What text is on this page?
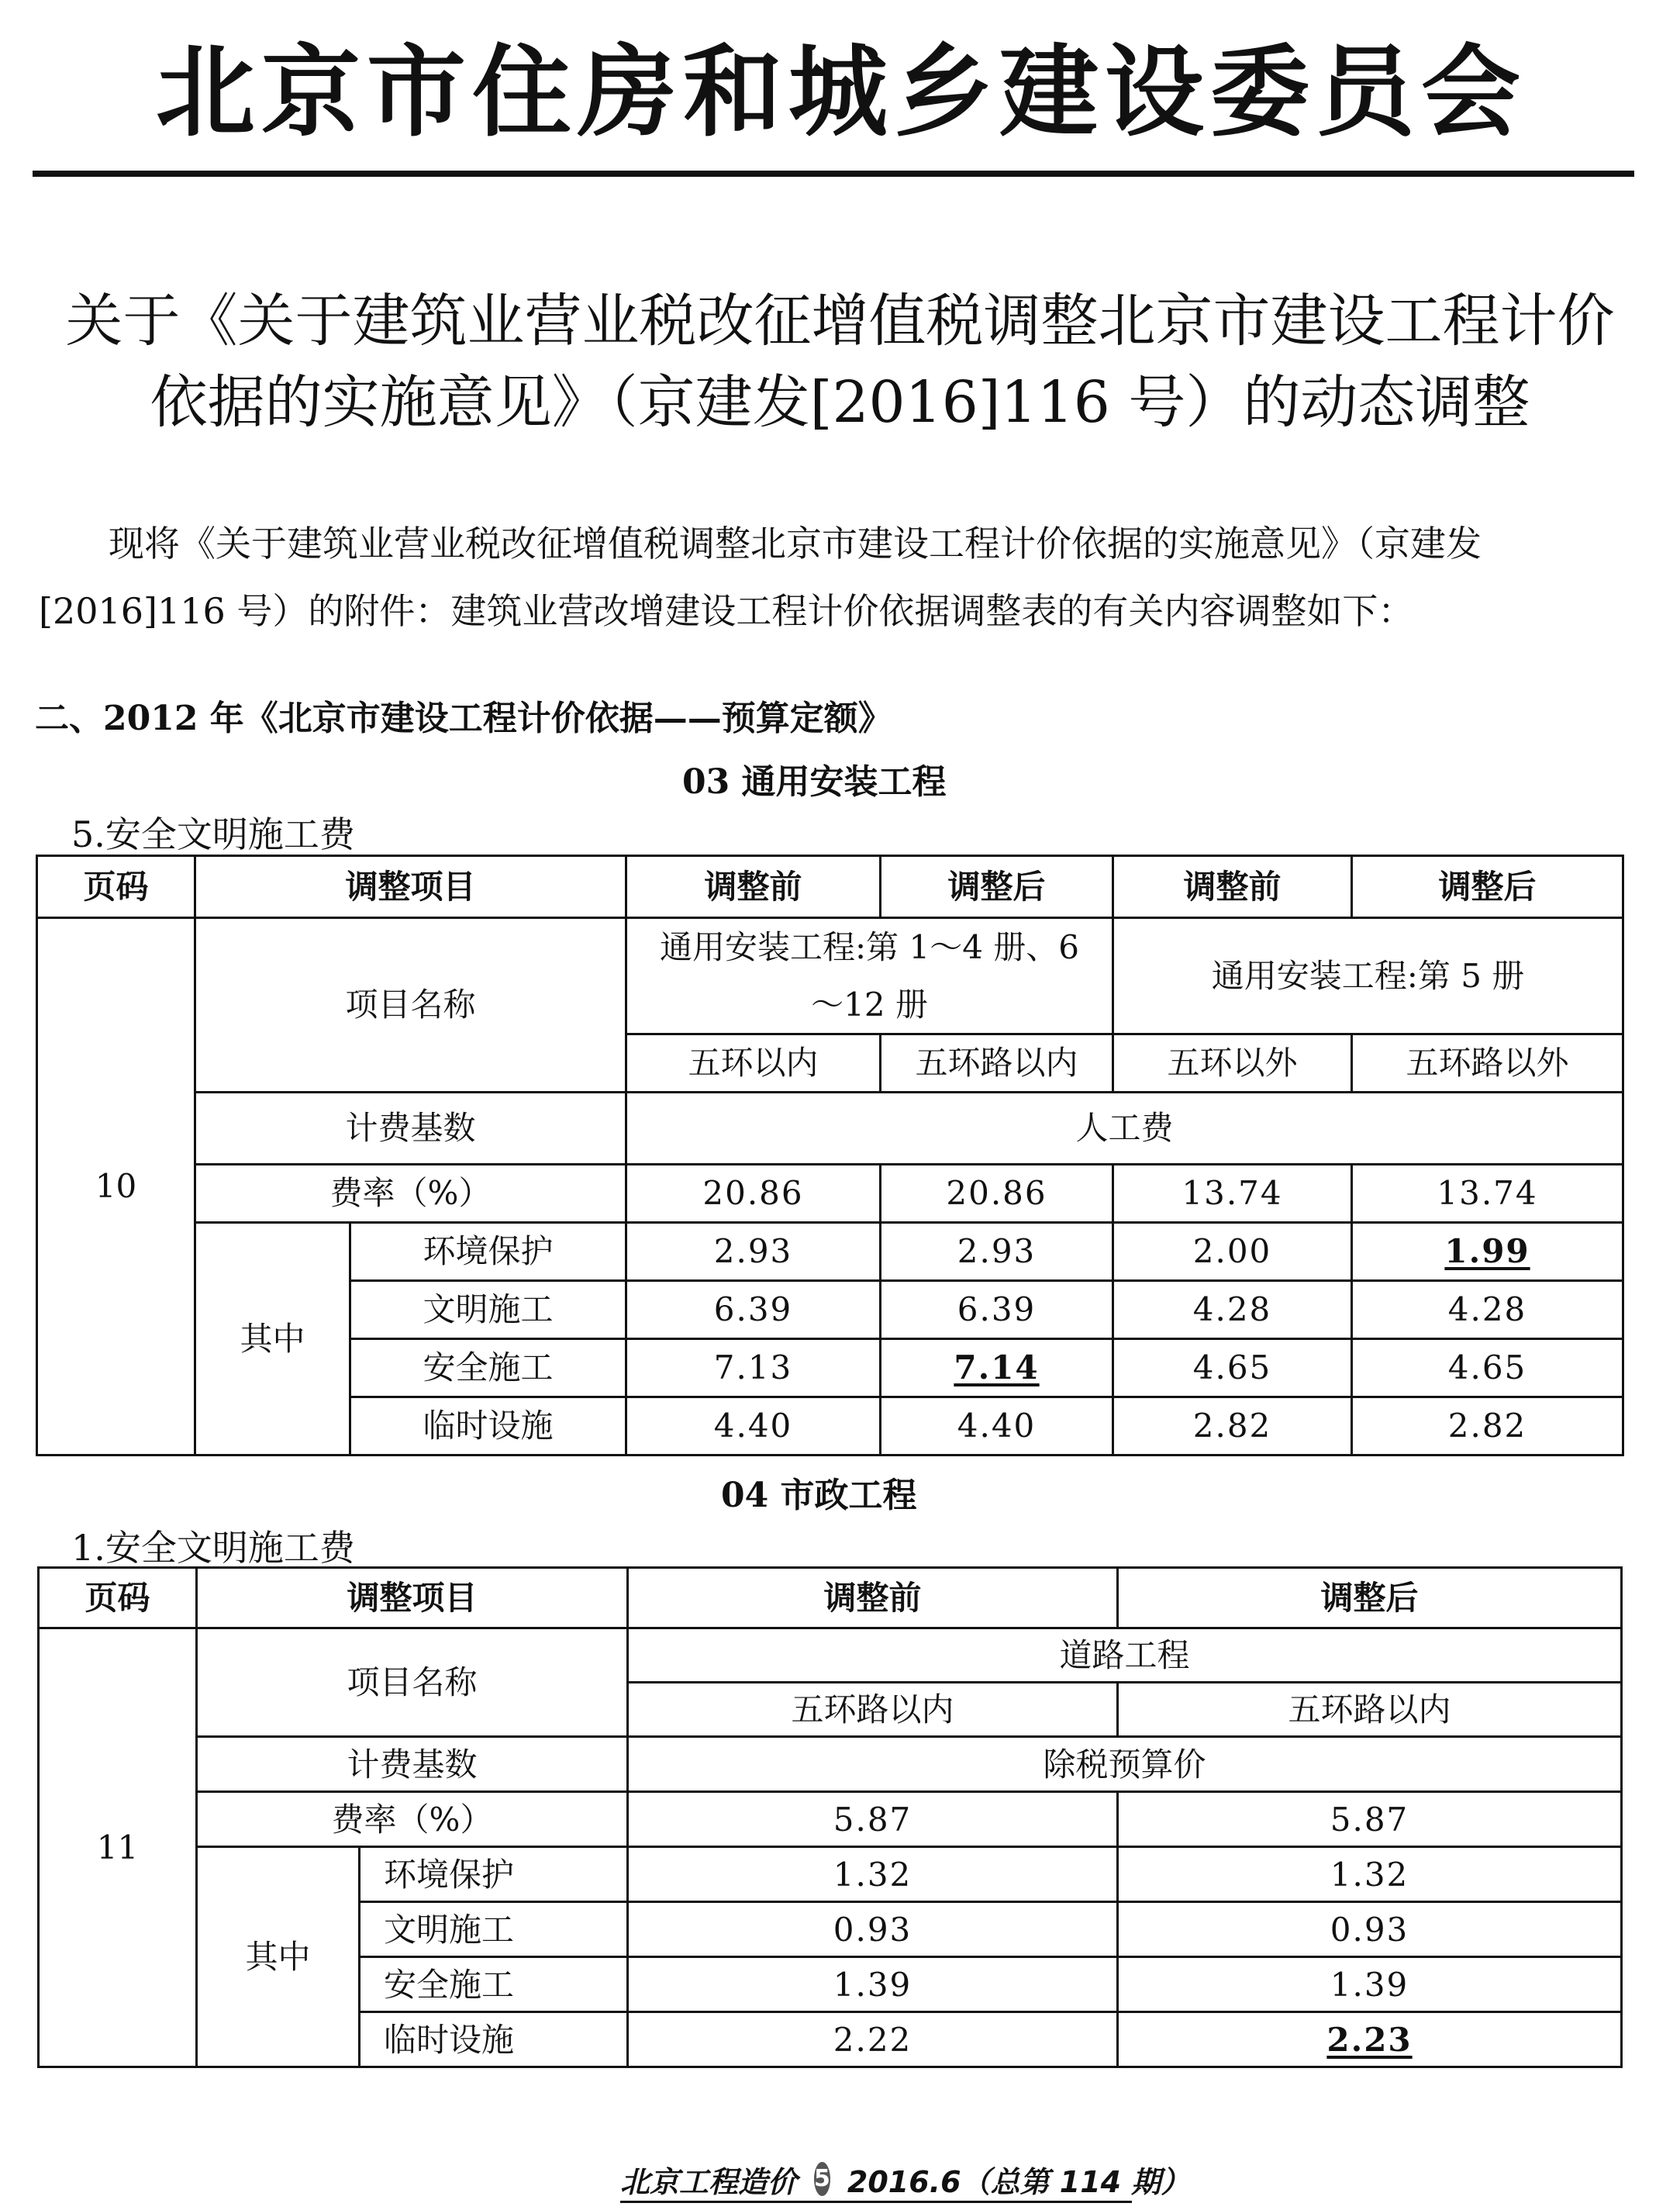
北京市住房和城乡建设委员会
关于《关于建筑业营业税改征增值税调整北京市建设工程计价
依据的实施意见》（京建发[2016]116 号）的动态调整
现将《关于建筑业营业税改征增值税调整北京市建设工程计价依据的实施意见》（京建发
[2016]116 号）的附件：建筑业营改增建设工程计价依据调整表的有关内容调整如下：
二、2012 年《北京市建设工程计价依据——预算定额》
03 通用安装工程
5.安全文明施工费
页码	调整项目		调整前	调整后	调整前	调整后
10	项目名称		通用安装工程:第 1～4 册、6～12 册		通用安装工程:第 5 册	
			五环以内	五环路以内	五环以外	五环路以外
	计费基数		人工费			
	费率（%）		20.86	20.86	13.74	13.74
	其中	环境保护	2.93	2.93	2.00	1.99
		文明施工	6.39	6.39	4.28	4.28
		安全施工	7.13	7.14	4.65	4.65
		临时设施	4.40	4.40	2.82	2.82
04 市政工程
1.安全文明施工费
页码	调整项目		调整前	调整后
11	项目名称		道路工程	
			五环路以内	五环路以内
	计费基数		除税预算价	
	费率（%）		5.87	5.87
	其中	环境保护	1.32	1.32
		文明施工	0.93	0.93
		安全施工	1.39	1.39
		临时设施	2.22	2.23
北京工程造价 5 2016.6（总第 114 期）
